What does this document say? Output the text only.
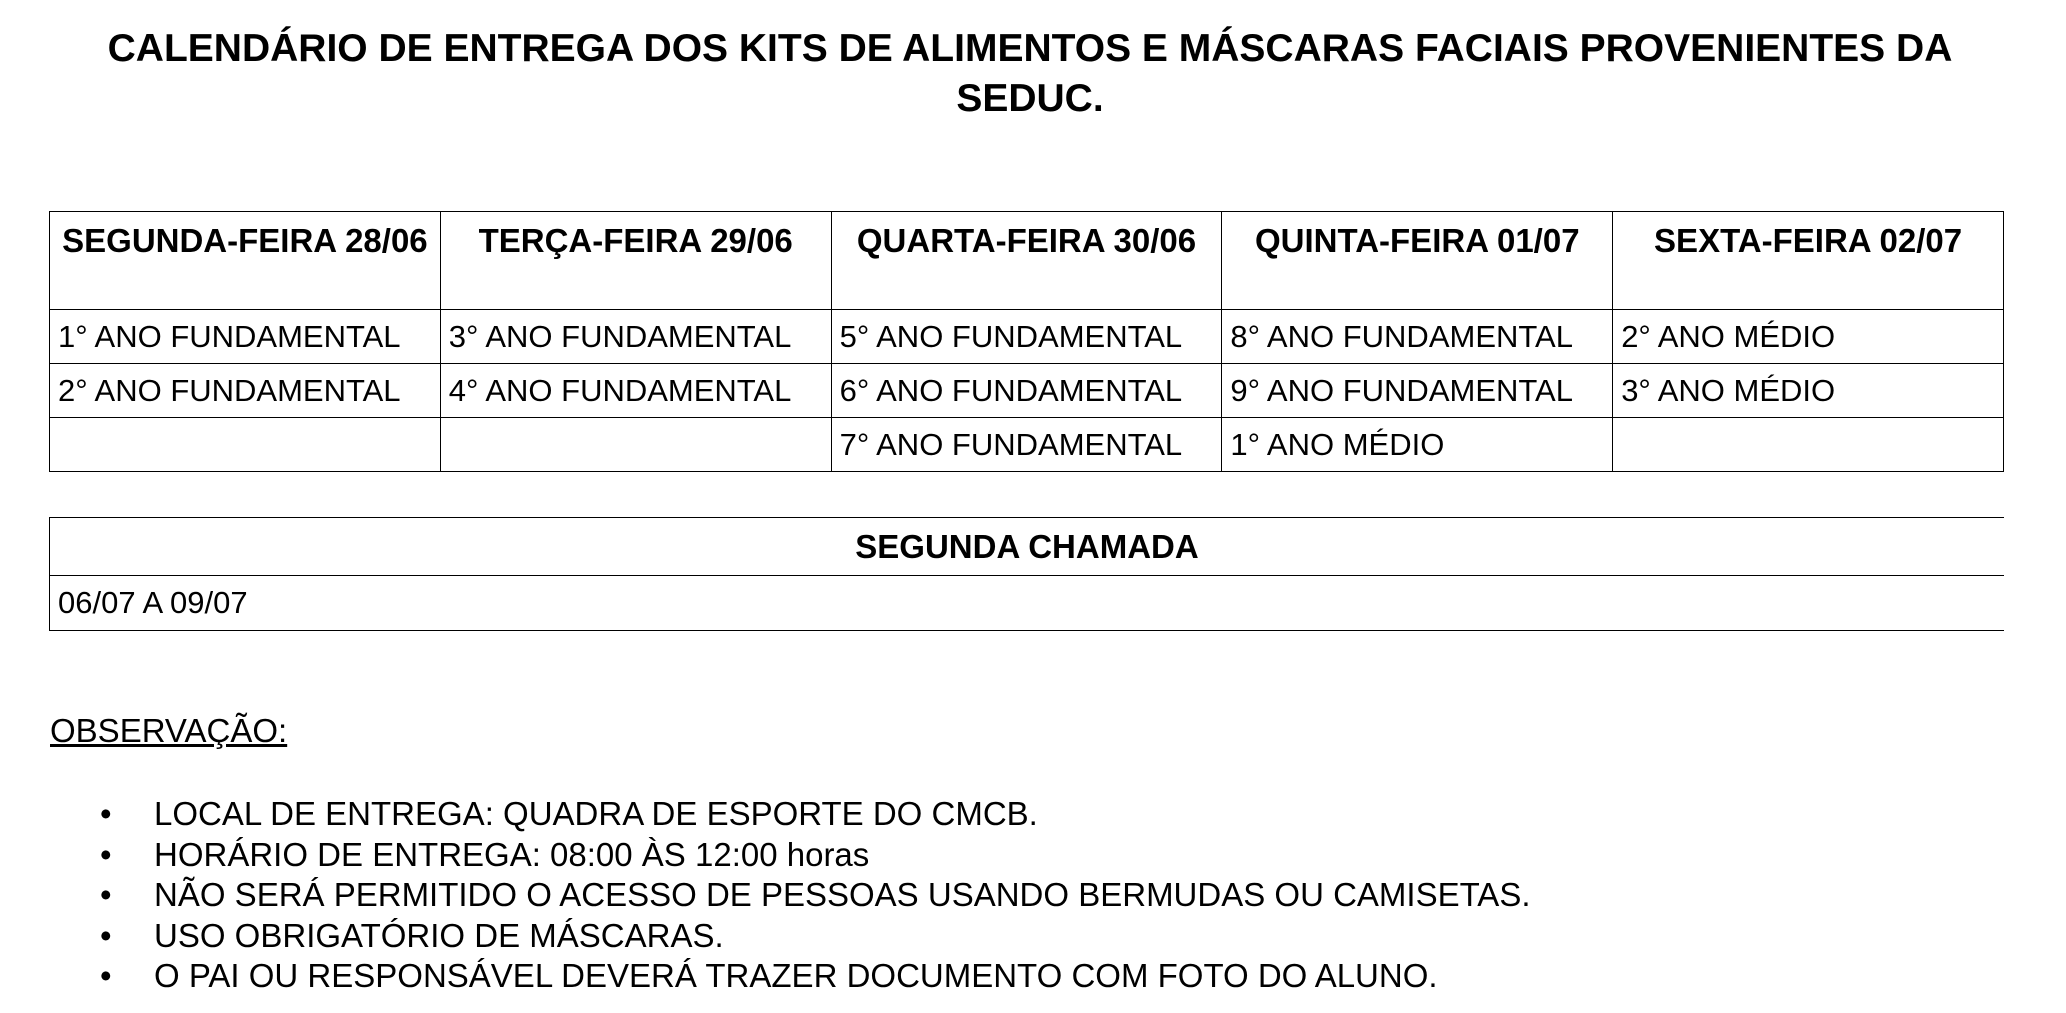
CALENDÁRIO DE ENTREGA DOS KITS DE ALIMENTOS E MÁSCARAS FACIAIS PROVENIENTES DA SEDUC.
SEGUNDA-FEIRA 28/06	TERÇA-FEIRA 29/06	QUARTA-FEIRA 30/06	QUINTA-FEIRA 01/07	SEXTA-FEIRA 02/07
1° ANO FUNDAMENTAL	3° ANO FUNDAMENTAL	5° ANO FUNDAMENTAL	8° ANO FUNDAMENTAL	2° ANO MÉDIO
2° ANO FUNDAMENTAL	4° ANO FUNDAMENTAL	6° ANO FUNDAMENTAL	9° ANO FUNDAMENTAL	3° ANO MÉDIO
		7° ANO FUNDAMENTAL	1° ANO MÉDIO	
SEGUNDA CHAMADA
06/07 A 09/07

OBSERVAÇÃO:

• LOCAL DE ENTREGA: QUADRA DE ESPORTE DO CMCB.
• HORÁRIO DE ENTREGA: 08:00 ÀS 12:00 horas
• NÃO SERÁ PERMITIDO O ACESSO DE PESSOAS USANDO BERMUDAS OU CAMISETAS.
• USO OBRIGATÓRIO DE MÁSCARAS.
• O PAI OU RESPONSÁVEL DEVERÁ TRAZER DOCUMENTO COM FOTO DO ALUNO.
